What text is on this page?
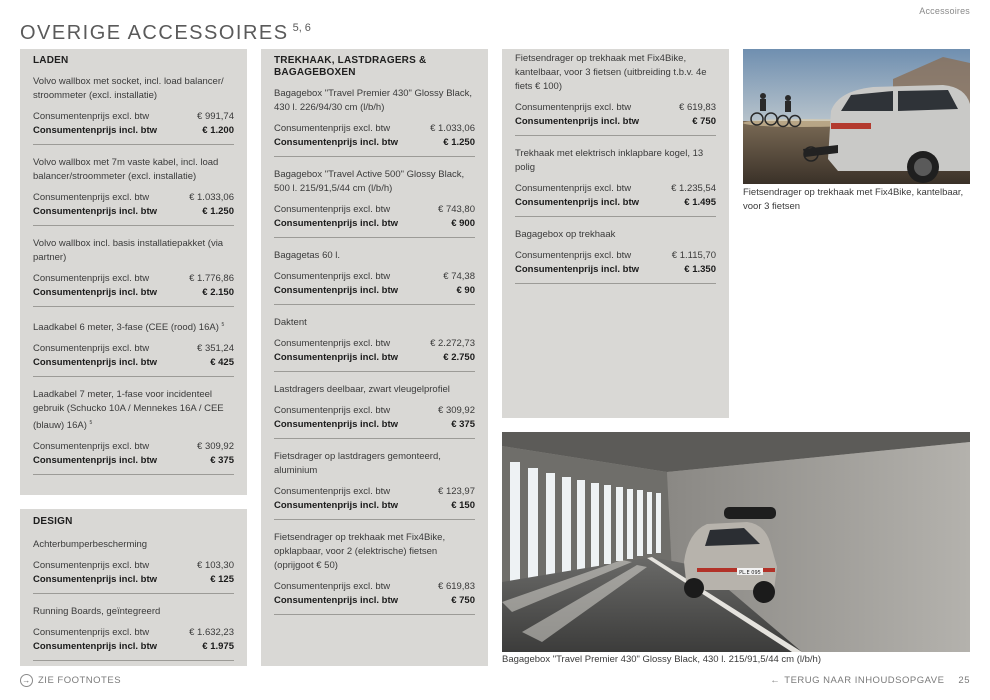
Accessoires
OVERIGE ACCESSOIRES $^{5, 6}$
LADEN
Volvo wallbox met socket, incl. load balancer/ stroommeter (excl. installatie)
Consumentenprijs excl. btw	€ 991,74
Consumentenprijs incl. btw	€ 1.200
Volvo wallbox met 7m vaste kabel, incl. load balancer/stroommeter (excl. installatie)
Consumentenprijs excl. btw	€ 1.033,06
Consumentenprijs incl. btw	€ 1.250
Volvo wallbox incl. basis installatiepakket (via partner)
Consumentenprijs excl. btw	€ 1.776,86
Consumentenprijs incl. btw	€ 2.150
Laadkabel 6 meter, 3-fase (CEE (rood) 16A) $^5$
Consumentenprijs excl. btw	€ 351,24
Consumentenprijs incl. btw	€ 425
Laadkabel 7 meter, 1-fase voor incidenteel gebruik (Schucko 10A / Mennekes 16A / CEE (blauw) 16A) $^5$
Consumentenprijs excl. btw	€ 309,92
Consumentenprijs incl. btw	€ 375
DESIGN
Achterbumperbescherming
Consumentenprijs excl. btw	€ 103,30
Consumentenprijs incl. btw	€ 125
Running Boards, geïntegreerd
Consumentenprijs excl. btw	€ 1.632,23
Consumentenprijs incl. btw	€ 1.975
TREKHAAK, LASTDRAGERS & BAGAGEBOXEN
Bagagebox "Travel Premier 430" Glossy Black, 430 l. 226/94/30 cm (l/b/h)
Consumentenprijs excl. btw	€ 1.033,06
Consumentenprijs incl. btw	€ 1.250
Bagagebox "Travel Active 500" Glossy Black, 500 l. 215/91,5/44 cm (l/b/h)
Consumentenprijs excl. btw	€ 743,80
Consumentenprijs incl. btw	€ 900
Bagagetas 60 l.
Consumentenprijs excl. btw	€ 74,38
Consumentenprijs incl. btw	€ 90
Daktent
Consumentenprijs excl. btw	€ 2.272,73
Consumentenprijs incl. btw	€ 2.750
Lastdragers deelbaar, zwart vleugelprofiel
Consumentenprijs excl. btw	€ 309,92
Consumentenprijs incl. btw	€ 375
Fietsdrager op lastdragers gemonteerd, aluminium
Consumentenprijs excl. btw	€ 123,97
Consumentenprijs incl. btw	€ 150
Fietsendrager op trekhaak met Fix4Bike, opklapbaar, voor 2 (elektrische) fietsen (oprijgoot € 50)
Consumentenprijs excl. btw	€ 619,83
Consumentenprijs incl. btw	€ 750
Fietsendrager op trekhaak met Fix4Bike, kantelbaar, voor 3 fietsen (uitbreiding t.b.v. 4e fiets € 100)
Consumentenprijs excl. btw	€ 619,83
Consumentenprijs incl. btw	€ 750
Trekhaak met elektrisch inklapbare kogel, 13 polig
Consumentenprijs excl. btw	€ 1.235,54
Consumentenprijs incl. btw	€ 1.495
Bagagebox op trekhaak
Consumentenprijs excl. btw	€ 1.115,70
Consumentenprijs incl. btw	€ 1.350
Fietsendrager op trekhaak met Fix4Bike, kantelbaar, voor 3 fietsen
PL.E 095
Bagagebox "Travel Premier 430" Glossy Black, 430 l. 215/91,5/44 cm (l/b/h)
→ ZIE FOOTNOTES	← TERUG NAAR INHOUDSOPGAVE 25
